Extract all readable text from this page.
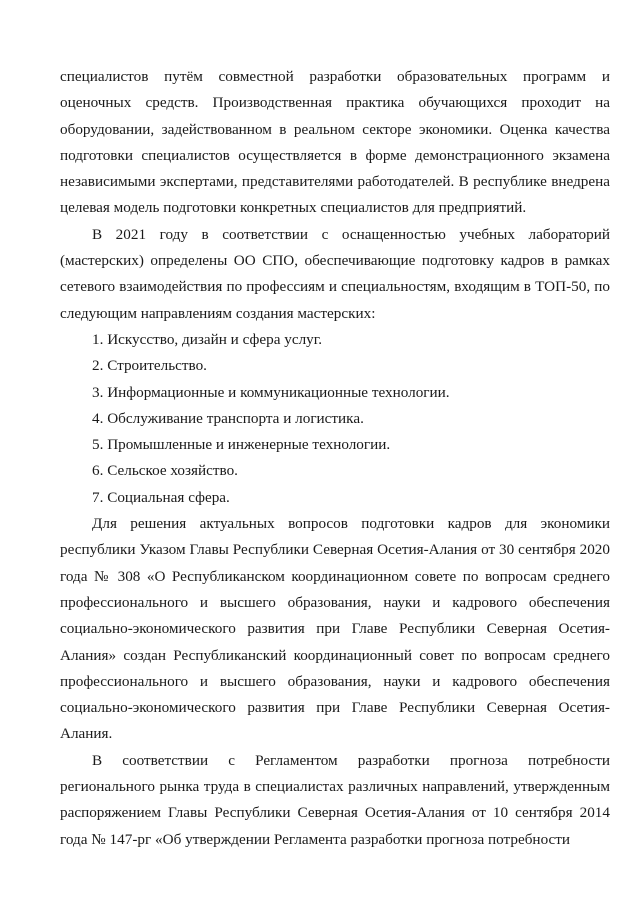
специалистов путём совместной разработки образовательных программ и оценочных средств. Производственная практика обучающихся проходит на оборудовании, задействованном в реальном секторе экономики. Оценка качества подготовки специалистов осуществляется в форме демонстрационного экзамена независимыми экспертами, представителями работодателей. В республике внедрена целевая модель подготовки конкретных специалистов для предприятий.

В 2021 году в соответствии с оснащенностью учебных лабораторий (мастерских) определены ОО СПО, обеспечивающие подготовку кадров в рамках сетевого взаимодействия по профессиям и специальностям, входящим в ТОП-50, по следующим направлениям создания мастерских:

1. Искусство, дизайн и сфера услуг.
2. Строительство.
3. Информационные и коммуникационные технологии.
4. Обслуживание транспорта и логистика.
5. Промышленные и инженерные технологии.
6. Сельское хозяйство.
7. Социальная сфера.

Для решения актуальных вопросов подготовки кадров для экономики республики Указом Главы Республики Северная Осетия-Алания от 30 сентября 2020 года № 308 «О Республиканском координационном совете по вопросам среднего профессионального и высшего образования, науки и кадрового обеспечения социально-экономического развития при Главе Республики Северная Осетия-Алания» создан Республиканский координационный совет по вопросам среднего профессионального и высшего образования, науки и кадрового обеспечения социально-экономического развития при Главе Республики Северная Осетия-Алания.

В соответствии с Регламентом разработки прогноза потребности регионального рынка труда в специалистах различных направлений, утвержденным распоряжением Главы Республики Северная Осетия-Алания от 10 сентября 2014 года № 147-рг «Об утверждении Регламента разработки прогноза потребности
